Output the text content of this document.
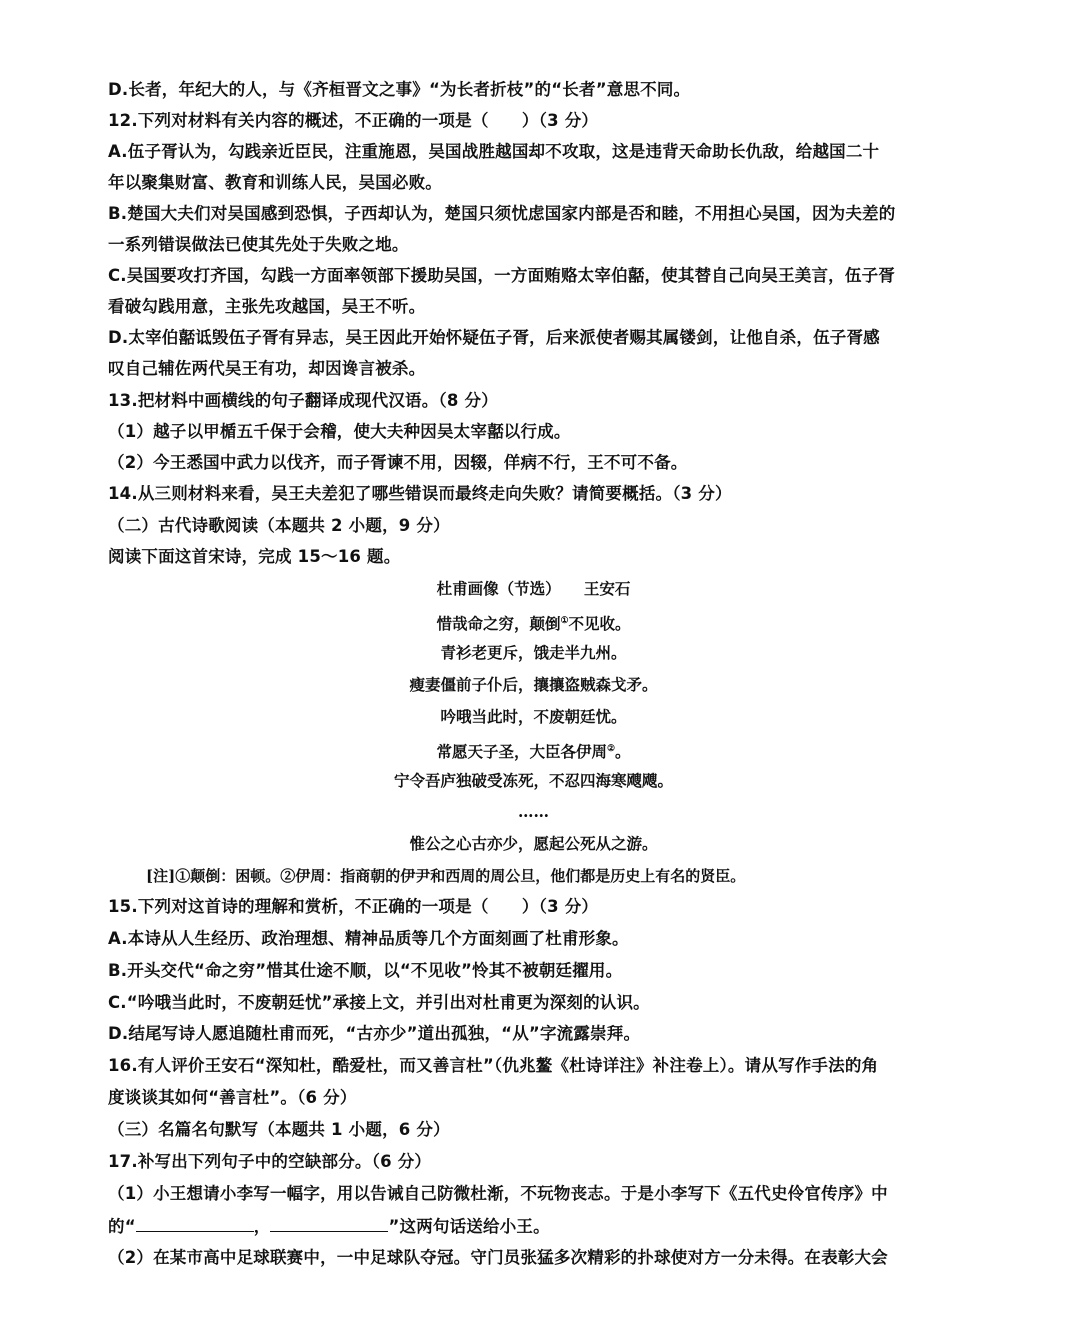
D.长者，年纪大的人，与《齐桓晋文之事》“为长者折枝”的“长者”意思不同。
12.下列对材料有关内容的概述，不正确的一项是（　　）（3 分）
A.伍子胥认为，勾践亲近臣民，注重施恩，吴国战胜越国却不攻取，这是违背天命助长仇敌，给越国二十
年以聚集财富、教育和训练人民，吴国必败。
B.楚国大夫们对吴国感到恐惧，子西却认为，楚国只须忧虑国家内部是否和睦，不用担心吴国，因为夫差的
一系列错误做法已使其先处于失败之地。
C.吴国要攻打齐国，勾践一方面率领部下援助吴国，一方面贿赂太宰伯嚭，使其替自己向吴王美言，伍子胥
看破勾践用意，主张先攻越国，吴王不听。
D.太宰伯嚭诋毁伍子胥有异志，吴王因此开始怀疑伍子胥，后来派使者赐其属镂剑，让他自杀，伍子胥感
叹自己辅佐两代吴王有功，却因谗言被杀。
13.把材料中画横线的句子翻译成现代汉语。（8 分）
（1）越子以甲楯五千保于会稽，使大夫种因吴太宰嚭以行成。
（2）今王悉国中武力以伐齐，而子胥谏不用，因辍，佯病不行，王不可不备。
14.从三则材料来看，吴王夫差犯了哪些错误而最终走向失败？请简要概括。（3 分）
（二）古代诗歌阅读（本题共 2 小题，9 分）
阅读下面这首宋诗，完成 15～16 题。
杜甫画像（节选）　　王安石
惜哉命之穷，颠倒①不见收。
青衫老更斥，饿走半九州。
瘦妻僵前子仆后，攘攘盗贼森戈矛。
吟哦当此时，不废朝廷忧。
常愿天子圣，大臣各伊周②。
宁令吾庐独破受冻死，不忍四海寒飕飕。
……
惟公之心古亦少，愿起公死从之游。
[注]①颠倒：困顿。②伊周：指商朝的伊尹和西周的周公旦，他们都是历史上有名的贤臣。
15.下列对这首诗的理解和赏析，不正确的一项是（　　）（3 分）
A.本诗从人生经历、政治理想、精神品质等几个方面刻画了杜甫形象。
B.开头交代“命之穷”惜其仕途不顺，以“不见收”怜其不被朝廷擢用。
C.“吟哦当此时，不废朝廷忧”承接上文，并引出对杜甫更为深刻的认识。
D.结尾写诗人愿追随杜甫而死，“古亦少”道出孤独，“从”字流露崇拜。
16.有人评价王安石“深知杜，酷爱杜，而又善言杜”（仇兆鳌《杜诗详注》补注卷上）。请从写作手法的角
度谈谈其如何“善言杜”。（6 分）
（三）名篇名句默写（本题共 1 小题，6 分）
17.补写出下列句子中的空缺部分。（6 分）
（1）小王想请小李写一幅字，用以告诫自己防微杜渐，不玩物丧志。于是小李写下《五代史伶官传序》中
的“	，	”这两句话送给小王。
（2）在某市高中足球联赛中，一中足球队夺冠。守门员张猛多次精彩的扑球使对方一分未得。在表彰大会
